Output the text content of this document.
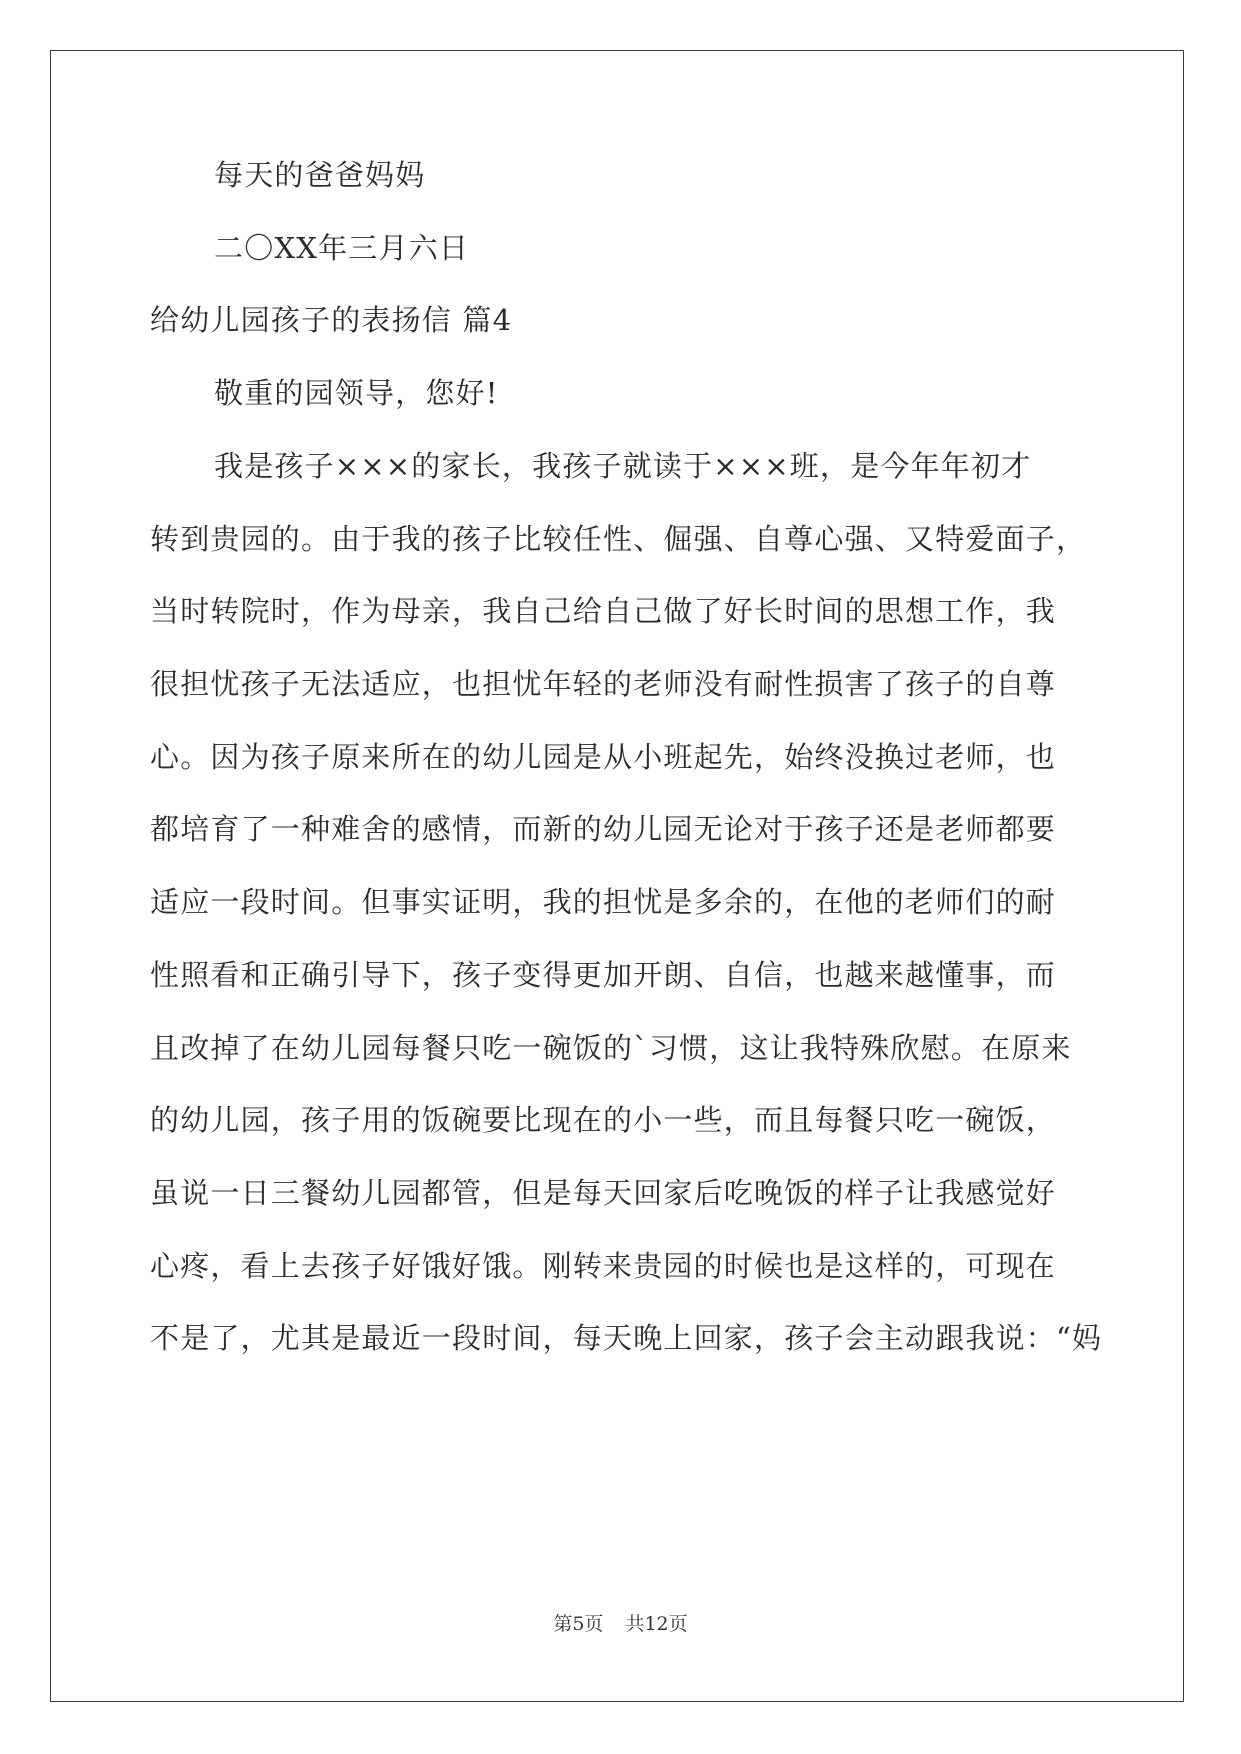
每天的爸爸妈妈
二〇XX年三月六日
给幼儿园孩子的表扬信 篇4
敬重的园领导，您好!
我是孩子×××的家长，我孩子就读于×××班，是今年年初才
转到贵园的。由于我的孩子比较任性、倔强、自尊心强、又特爱面子，
当时转院时，作为母亲，我自己给自己做了好长时间的思想工作，我
很担忧孩子无法适应，也担忧年轻的老师没有耐性损害了孩子的自尊
心。因为孩子原来所在的幼儿园是从小班起先，始终没换过老师，也
都培育了一种难舍的感情，而新的幼儿园无论对于孩子还是老师都要
适应一段时间。但事实证明，我的担忧是多余的，在他的老师们的耐
性照看和正确引导下，孩子变得更加开朗、自信，也越来越懂事，而
且改掉了在幼儿园每餐只吃一碗饭的`习惯，这让我特殊欣慰。在原来
的幼儿园，孩子用的饭碗要比现在的小一些，而且每餐只吃一碗饭，
虽说一日三餐幼儿园都管，但是每天回家后吃晚饭的样子让我感觉好
心疼，看上去孩子好饿好饿。刚转来贵园的时候也是这样的，可现在
不是了，尤其是最近一段时间，每天晚上回家，孩子会主动跟我说：“妈
第5页 共12页
